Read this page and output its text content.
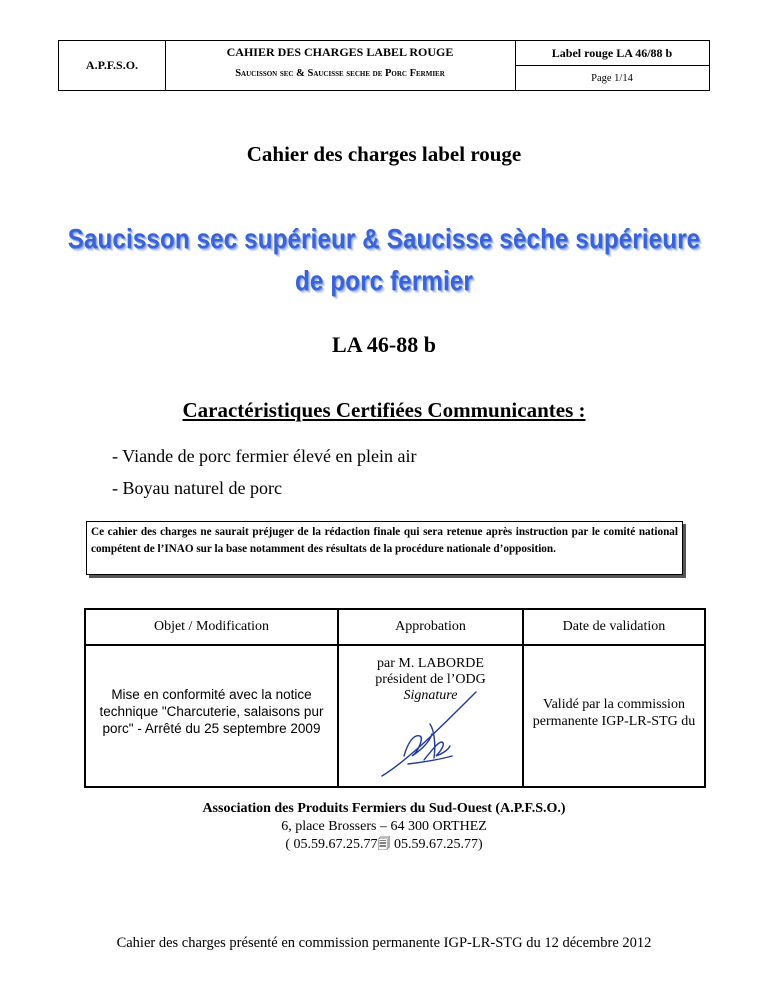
A.P.F.S.O.
CAHIER DES CHARGES LABEL ROUGE
Saucisson sec & Saucisse seche de Porc Fermier
Label rouge LA 46/88 b
Page 1/14
Cahier des charges label rouge
Saucisson sec supérieur & Saucisse sèche supérieure
de porc fermier
LA 46-88 b
Caractéristiques Certifiées Communicantes :
- Viande de porc fermier élevé en plein air
- Boyau naturel de porc
Ce cahier des charges ne saurait préjuger de la rédaction finale qui sera retenue après instruction par le comité national compétent de l’INAO sur la base notamment des résultats de la procédure nationale d’opposition.
Objet / Modification	Approbation	Date de validation
Mise en conformité avec la notice
technique "Charcuterie, salaisons pur
porc" - Arrêté du 25 septembre 2009
par M. LABORDE
président de l’ODG
Signature
Validé par la commission
permanente IGP-LR-STG du
Association des Produits Fermiers du Sud-Ouest (A.P.F.S.O.)
6, place Brossers – 64 300 ORTHEZ
( 05.59.67.25.77🗐 05.59.67.25.77)
Cahier des charges présenté en commission permanente IGP-LR-STG du 12 décembre 2012
